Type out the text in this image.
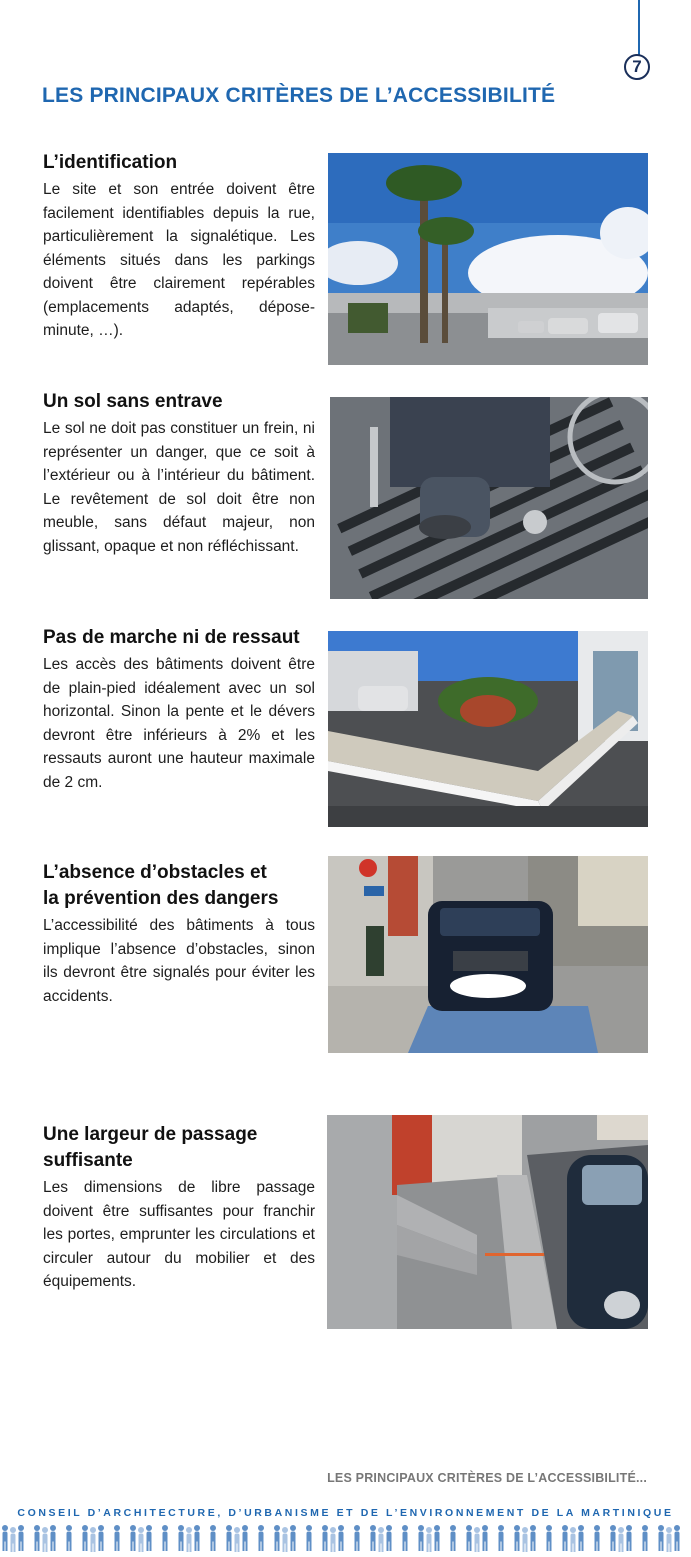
7
LES PRINCIPAUX CRITÈRES DE L’ACCESSIBILITÉ
L’identification

Le site et son entrée doivent être facilement identifiables depuis la rue, particulièrement la signalétique. Les éléments situés dans les parkings doivent être clairement repérables (emplacements adaptés, dépose-minute, …).

Un sol sans entrave

Le sol ne doit pas constituer un frein, ni représenter un danger, que ce soit à l’extérieur ou à l’intérieur du bâtiment. Le revêtement de sol doit être non meuble, sans défaut majeur, non glissant, opaque et non réfléchissant.

Pas de marche ni de ressaut

Les accès des bâtiments doivent être de plain-pied idéalement avec un sol horizontal. Sinon la pente et le dévers devront être inférieurs à 2% et les ressauts auront une hauteur maximale de 2 cm.

L’absence d’obstacles et
la prévention des dangers

L’accessibilité des bâtiments à tous implique l’absence d’obstacles, sinon ils devront être signalés pour éviter les accidents.

Une largeur de passage
suffisante

Les dimensions de libre passage doivent être suffisantes pour franchir les portes, emprunter les circulations et circuler autour du mobilier et des équipements.

LES PRINCIPAUX CRITÈRES DE L’ACCESSIBILITÉ...
CONSEIL D’ARCHITECTURE, D’URBANISME ET DE L’ENVIRONNEMENT DE LA MARTINIQUE
